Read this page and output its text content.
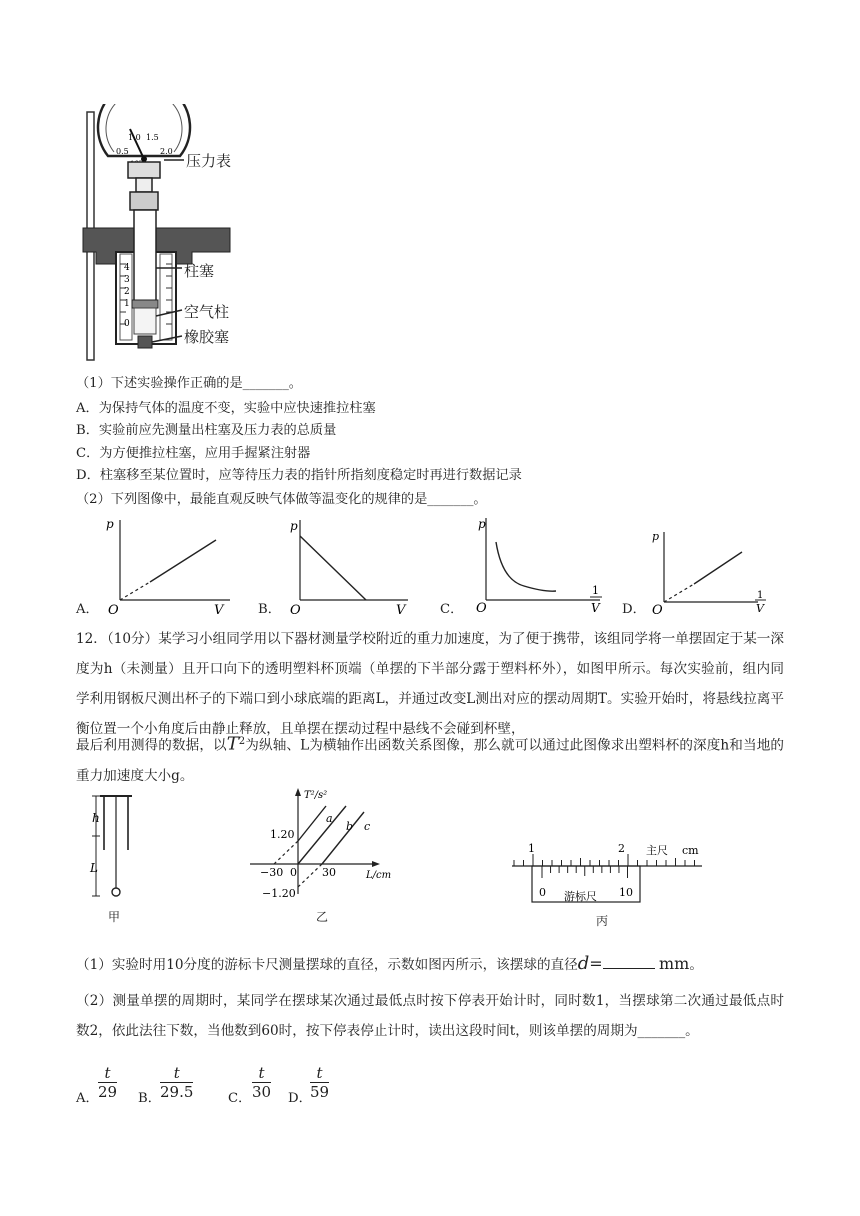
1.0 1.5
0.5	2.0
4
3
2
1
0
压力表
柱塞
空气柱
橡胶塞
（1）下述实验操作正确的是_______。
A．为保持气体的温度不变，实验中应快速推拉柱塞
B．实验前应先测量出柱塞及压力表的总质量
C．为方便推拉柱塞，应用手握紧注射器
D．柱塞移至某位置时，应等待压力表的指针所指刻度稳定时再进行数据记录
（2）下列图像中，最能直观反映气体做等温变化的规律的是_______。
A．
p
O	V	B．
p
O	V	C．
p
O
1
V D．
p
O
1
V
12．（10分）某学习小组同学用以下器材测量学校附近的重力加速度，为了便于携带，该组同学将一单摆固定于某一深度为h（未测量）且开口向下的透明塑料杯顶端（单摆的下半部分露于塑料杯外），如图甲所示。每次实验前，组内同学利用钢板尺测出杯子的下端口到小球底端的距离L，并通过改变L测出对应的摆动周期T。实验开始时，将悬线拉离平衡位置一个小角度后由静止释放，且单摆在摆动过程中悬线不会碰到杯壁，
最后利用测得的数据，以$T^2$为纵轴、L为横轴作出函数关系图像，那么就可以通过此图像求出塑料杯的深度h和当地的重力加速度大小g。
h
L
甲
T²/s²
1.20
−1.20
−30 0 30	L/cm
a
b c
乙
1	2 主尺 cm
0	10
游标尺
丙
（1）实验时用10分度的游标卡尺测量摆球的直径，示数如图丙所示，该摆球的直径d=	mm。
（2）测量单摆的周期时，某同学在摆球某次通过最低点时按下停表开始计时，同时数1，当摆球第二次通过最低点时数2，依此法往下数，当他数到60时，按下停表停止计时，读出这段时间t，则该单摆的周期为_______。
A． $\frac{t}{29}$ B． $\frac{t}{29.5}$	C． $\frac{t}{30}$ D．
$\frac{t}{59}$
